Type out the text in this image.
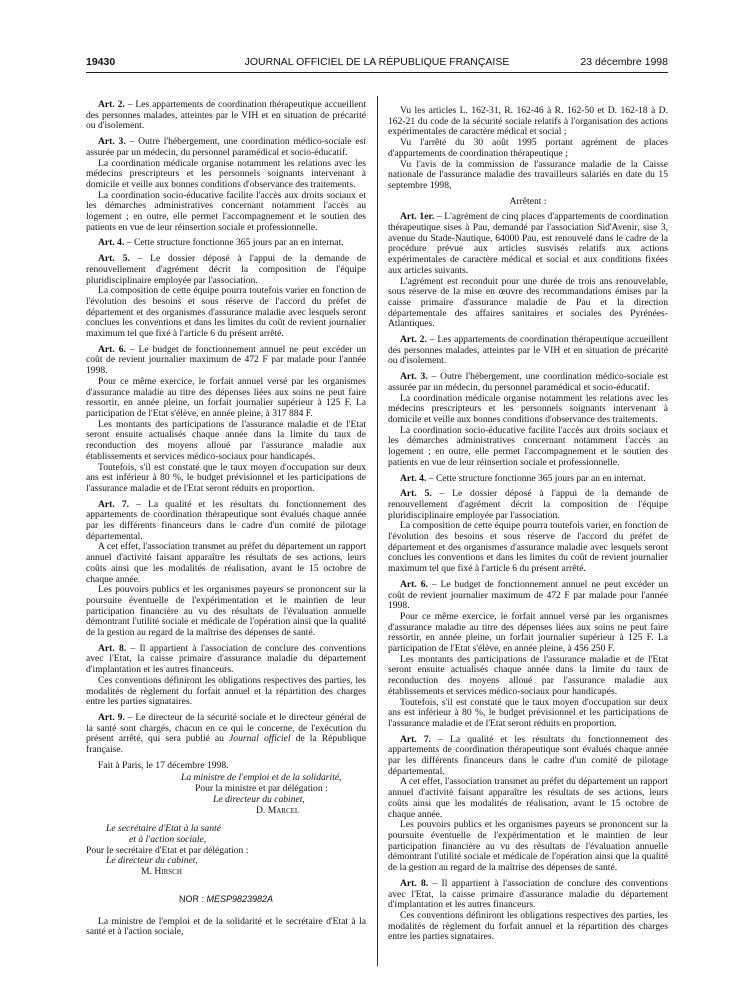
19430	JOURNAL OFFICIEL DE LA RÉPUBLIQUE FRANÇAISE	23 décembre 1998

Art. 2. – Les appartements de coordination thérapeutique accueillent des personnes malades, atteintes par le VIH et en situation de précarité ou d'isolement.

Art. 3. – Outre l'hébergement, une coordination médico-sociale est assurée par un médecin, du personnel paramédical et socio-éducatif.

La coordination médicale organise notamment les relations avec les médecins prescripteurs et les personnels soignants intervenant à domicile et veille aux bonnes conditions d'observance des traitements.

La coordination socio-éducative facilite l'accès aux droits sociaux et les démarches administratives concernant notamment l'accès au logement ; en outre, elle permet l'accompagnement et le soutien des patients en vue de leur réinsertion sociale et professionnelle.

Art. 4. – Cette structure fonctionne 365 jours par an en internat.

Art. 5. – Le dossier déposé à l'appui de la demande de renouvellement d'agrément décrit la composition de l'équipe pluridisciplinaire employée par l'association.

La composition de cette équipe pourra toutefois varier en fonction de l'évolution des besoins et sous réserve de l'accord du préfet de département et des organismes d'assurance maladie avec lesquels seront conclues les conventions et dans les limites du coût de revient journalier maximum tel que fixé à l'article 6 du présent arrêté.

Art. 6. – Le budget de fonctionnement annuel ne peut excéder un coût de revient journalier maximum de 472 F par malade pour l'année 1998.

Pour ce même exercice, le forfait annuel versé par les organismes d'assurance maladie au titre des dépenses liées aux soins ne peut faire ressortir, en année pleine, un forfait journalier supérieur à 125 F. La participation de l'Etat s'élève, en année pleine, à 317 884 F.

Les montants des participations de l'assurance maladie et de l'Etat seront ensuite actualisés chaque année dans la limite du taux de reconduction des moyens alloué par l'assurance maladie aux établissements et services médico-sociaux pour handicapés.

Toutefois, s'il est constaté que le taux moyen d'occupation sur deux ans est inférieur à 80 %, le budget prévisionnel et les participations de l'assurance maladie et de l'Etat seront réduits en proportion.

Art. 7. – La qualité et les résultats du fonctionnement des appartements de coordination thérapeutique sont évalués chaque année par les différents financeurs dans le cadre d'un comité de pilotage départemental.

A cet effet, l'association transmet au préfet du département un rapport annuel d'activité faisant apparaître les résultats de ses actions, leurs coûts ainsi que les modalités de réalisation, avant le 15 octobre de chaque année.

Les pouvoirs publics et les organismes payeurs se prononcent sur la poursuite éventuelle de l'expérimentation et le maintien de leur participation financière au vu des résultats de l'évaluation annuelle démontrant l'utilité sociale et médicale de l'opération ainsi que la qualité de la gestion au regard de la maîtrise des dépenses de santé.

Art. 8. – Il appartient à l'association de conclure des conventions avec l'Etat, la caisse primaire d'assurance maladie du département d'implantation et les autres financeurs.

Ces conventions définiront les obligations respectives des parties, les modalités de règlement du forfait annuel et la répartition des charges entre les parties signataires.

Art. 9. – Le directeur de la sécurité sociale et le directeur général de la santé sont chargés, chacun en ce qui le concerne, de l'exécution du présent arrêté, qui sera publié au Journal officiel de la République française.

Fait à Paris, le 17 décembre 1998.

La ministre de l'emploi et de la solidarité,

Pour la ministre et par délégation :

Le directeur du cabinet,

D. Marcel

Le secrétaire d'Etat à la santé

et à l'action sociale,

Pour le secrétaire d'Etat et par délégation :

Le directeur du cabinet,

M. Hirsch

NOR : MESP9823982A

La ministre de l'emploi et de la solidarité et le secrétaire d'Etat à la santé et à l'action sociale,

Vu les articles L. 162-31, R. 162-46 à R. 162-50 et D. 162-18 à D. 162-21 du code de la sécurité sociale relatifs à l'organisation des actions expérimentales de caractère médical et social ;

Vu l'arrêté du 30 août 1995 portant agrément de places d'appartements de coordination thérapeutique ;

Vu l'avis de la commission de l'assurance maladie de la Caisse nationale de l'assurance maladie des travailleurs salariés en date du 15 septembre 1998,

Arrêtent :

Art. 1er. – L'agrément de cinq places d'appartements de coordination thérapeutique sises à Pau, demandé par l'association Sid'Avenir, sise 3, avenue du Stade-Nautique, 64000 Pau, est renouvelé dans le cadre de la procédure prévue aux articles susvisés relatifs aux actions expérimentales de caractère médical et social et aux conditions fixées aux articles suivants.

L'agrément est reconduit pour une durée de trois ans renouvelable, sous réserve de la mise en œuvre des recommandations émises par la caisse primaire d'assurance maladie de Pau et la direction départementale des affaires sanitaires et sociales des Pyrénées-Atlantiques.

Art. 2. – Les appartements de coordination thérapeutique accueillent des personnes malades, atteintes par le VIH et en situation de précarité ou d'isolement.

Art. 3. – Outre l'hébergement, une coordination médico-sociale est assurée par un médecin, du personnel paramédical et socio-éducatif.

La coordination médicale organise notamment les relations avec les médecins prescripteurs et les personnels soignants intervenant à domicile et veille aux bonnes conditions d'observance des traitements.

La coordination socio-éducative facilite l'accès aux droits sociaux et les démarches administratives concernant notamment l'accès au logement ; en outre, elle permet l'accompagnement et le soutien des patients en vue de leur réinsertion sociale et professionnelle.

Art. 4. – Cette structure fonctionne 365 jours par an en internat.

Art. 5. – Le dossier déposé à l'appui de la demande de renouvellement d'agrément décrit la composition de l'équipe pluridisciplinaire employée par l'association.

La composition de cette équipe pourra toutefois varier, en fonction de l'évolution des besoins et sous réserve de l'accord du préfet de département et des organismes d'assurance maladie avec lesquels seront conclues les conventions et dans les limites du coût de revient journalier maximum tel que fixé à l'article 6 du présent arrêté.

Art. 6. – Le budget de fonctionnement annuel ne peut excéder un coût de revient journalier maximum de 472 F par malade pour l'année 1998.

Pour ce même exercice, le forfait annuel versé par les organismes d'assurance maladie au titre des dépenses liées aux soins ne peut faire ressortir, en année pleine, un forfait journalier supérieur à 125 F. La participation de l'Etat s'élève, en année pleine, à 456 250 F.

Les montants des participations de l'assurance maladie et de l'Etat seront ensuite actualisés chaque année dans la limite du taux de reconduction des moyens alloué par l'assurance maladie aux établissements et services médico-sociaux pour handicapés.

Toutefois, s'il est constaté que le taux moyen d'occupation sur deux ans est inférieur à 80 %, le budget prévisionnel et les participations de l'assurance maladie et de l'Etat seront réduits en proportion.

Art. 7. – La qualité et les résultats du fonctionnement des appartements de coordination thérapeutique sont évalués chaque année par les différents financeurs dans le cadre d'un comité de pilotage départemental.

A cet effet, l'association transmet au préfet du département un rapport annuel d'activité faisant apparaître les résultats de ses actions, leurs coûts ainsi que les modalités de réalisation, avant le 15 octobre de chaque année.

Les pouvoirs publics et les organismes payeurs se prononcent sur la poursuite éventuelle de l'expérimentation et le maintien de leur participation financière au vu des résultats de l'évaluation annuelle démontrant l'utilité sociale et médicale de l'opération ainsi que la qualité de la gestion au regard de la maîtrise des dépenses de santé.

Art. 8. – Il appartient à l'association de conclure des conventions avec l'Etat, la caisse primaire d'assurance maladie du département d'implantation et les autres financeurs.

Ces conventions définiront les obligations respectives des parties, les modalités de règlement du forfait annuel et la répartition des charges entre les parties signataires.
